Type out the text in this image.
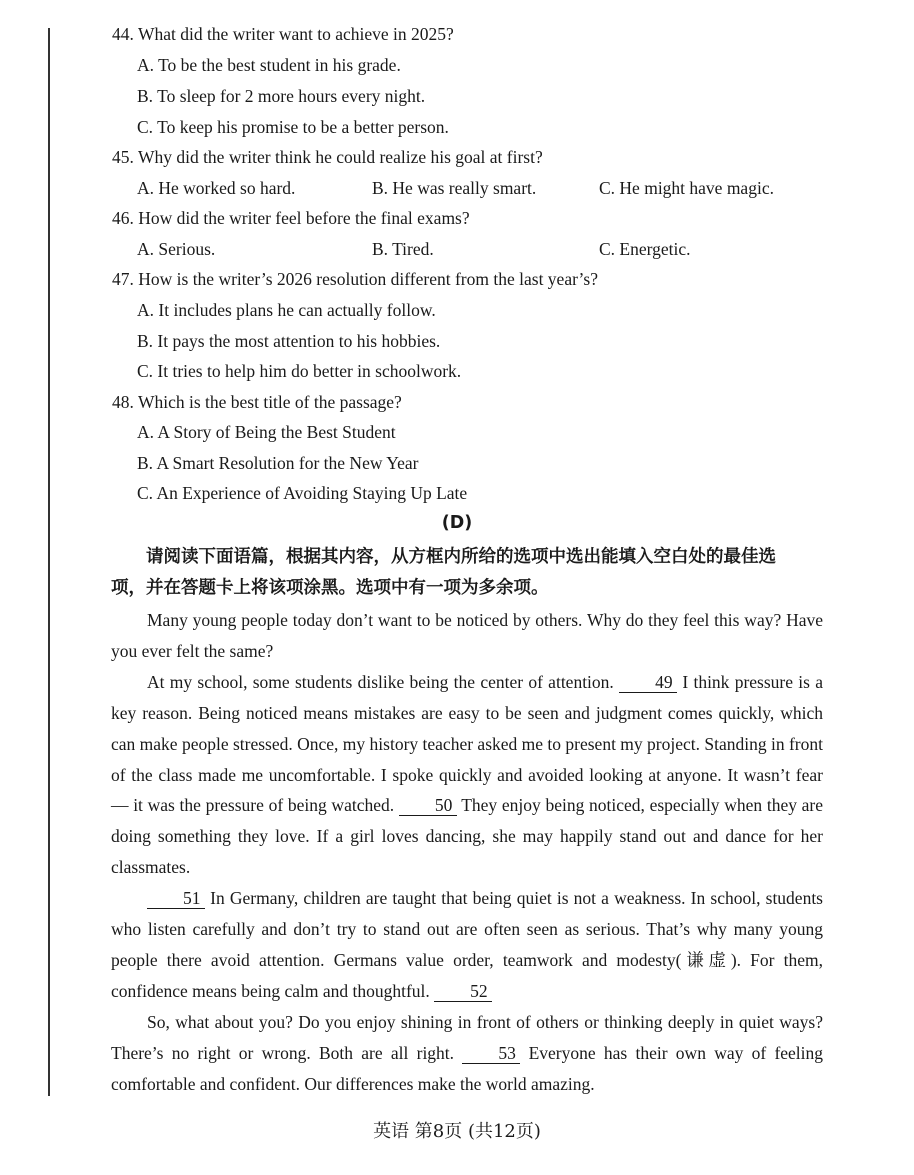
44. What did the writer want to achieve in 2025?
A. To be the best student in his grade.
B. To sleep for 2 more hours every night.
C. To keep his promise to be a better person.
45. Why did the writer think he could realize his goal at first?
A. He worked so hard.	B. He was really smart.	C. He might have magic.
46. How did the writer feel before the final exams?
A. Serious.	B. Tired.	C. Energetic.
47. How is the writer’s 2026 resolution different from the last year’s?
A. It includes plans he can actually follow.
B. It pays the most attention to his hobbies.
C. It tries to help him do better in schoolwork.
48. Which is the best title of the passage?
A. A Story of Being the Best Student
B. A Smart Resolution for the New Year
C. An Experience of Avoiding Staying Up Late
(D)
请阅读下面语篇，根据其内容，从方框内所给的选项中选出能填入空白处的最佳选
项，并在答题卡上将该项涂黑。选项中有一项为多余项。

Many young people today don’t want to be noticed by others. Why do they feel this way? Have you ever felt the same?

At my school, some students dislike being the center of attention. 49 I think pressure is a key reason. Being noticed means mistakes are easy to be seen and judgment comes quickly, which can make people stressed. Once, my history teacher asked me to present my project. Standing in front of the class made me uncomfortable. I spoke quickly and avoided looking at anyone. It wasn’t fear — it was the pressure of being watched. 50 They enjoy being noticed, especially when they are doing something they love. If a girl loves dancing, she may happily stand out and dance for her classmates.

51 In Germany, children are taught that being quiet is not a weakness. In school, students who listen carefully and don’t try to stand out are often seen as serious. That’s why many young people there avoid attention. Germans value order, teamwork and modesty(谦虚). For them, confidence means being calm and thoughtful. 52

So, what about you? Do you enjoy shining in front of others or thinking deeply in quiet ways? There’s no right or wrong. Both are all right.	53 Everyone has their own way of feeling comfortable and confident. Our differences make the world amazing.

英语 第8页 (共12页)
